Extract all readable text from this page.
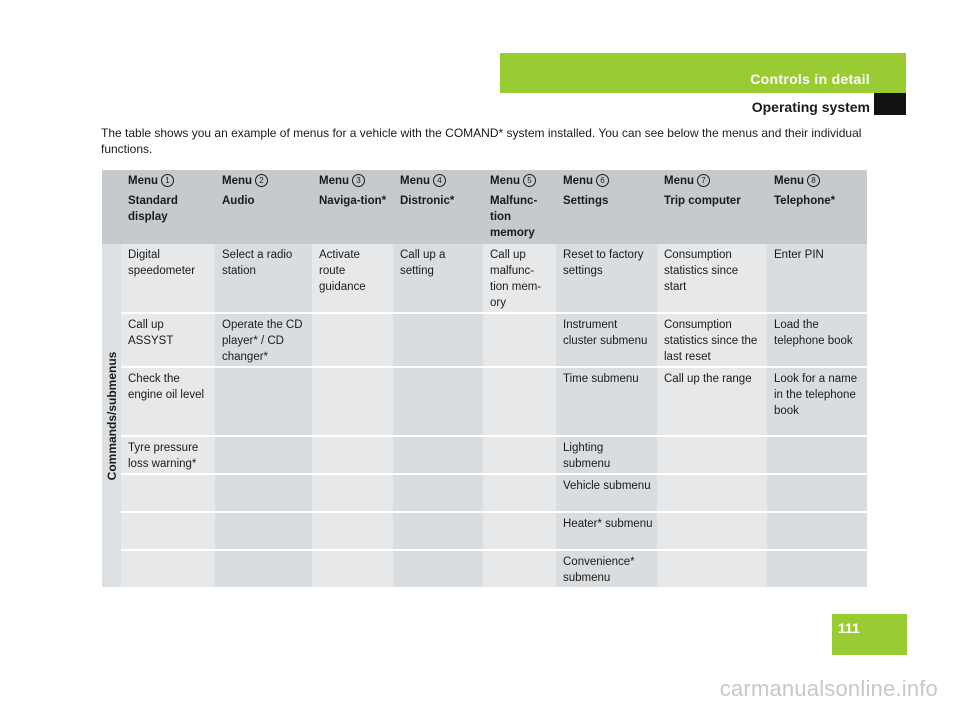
Controls in detail
Operating system

The table shows you an example of menus for a vehicle with the COMAND* system installed. You can see below the menus and their individual functions.

	Menu 1	Menu 2	Menu 3	Menu 4	Menu 5	Menu 6	Menu 7	Menu 8
	Standard display	Audio	Naviga-tion*	Distronic*	Malfunc-tion memory	Settings	Trip computer	Telephone*

Commands/submenus	Digital speedometer	Select a radio station	Activate route guidance	Call up a setting	Call up malfunc-tion mem-ory	Reset to factory settings	Consumption statistics since start	Enter PIN
	Call up ASSYST	Operate the CD player* / CD changer*				Instrument cluster submenu	Consumption statistics since the last reset	Load the telephone book
	Check the engine oil level					Time submenu	Call up the range	Look for a name in the telephone book
	Tyre pressure loss warning*					Lighting submenu		
						Vehicle submenu		
						Heater* submenu		
						Convenience* submenu		
111
carmanualsonline.info
